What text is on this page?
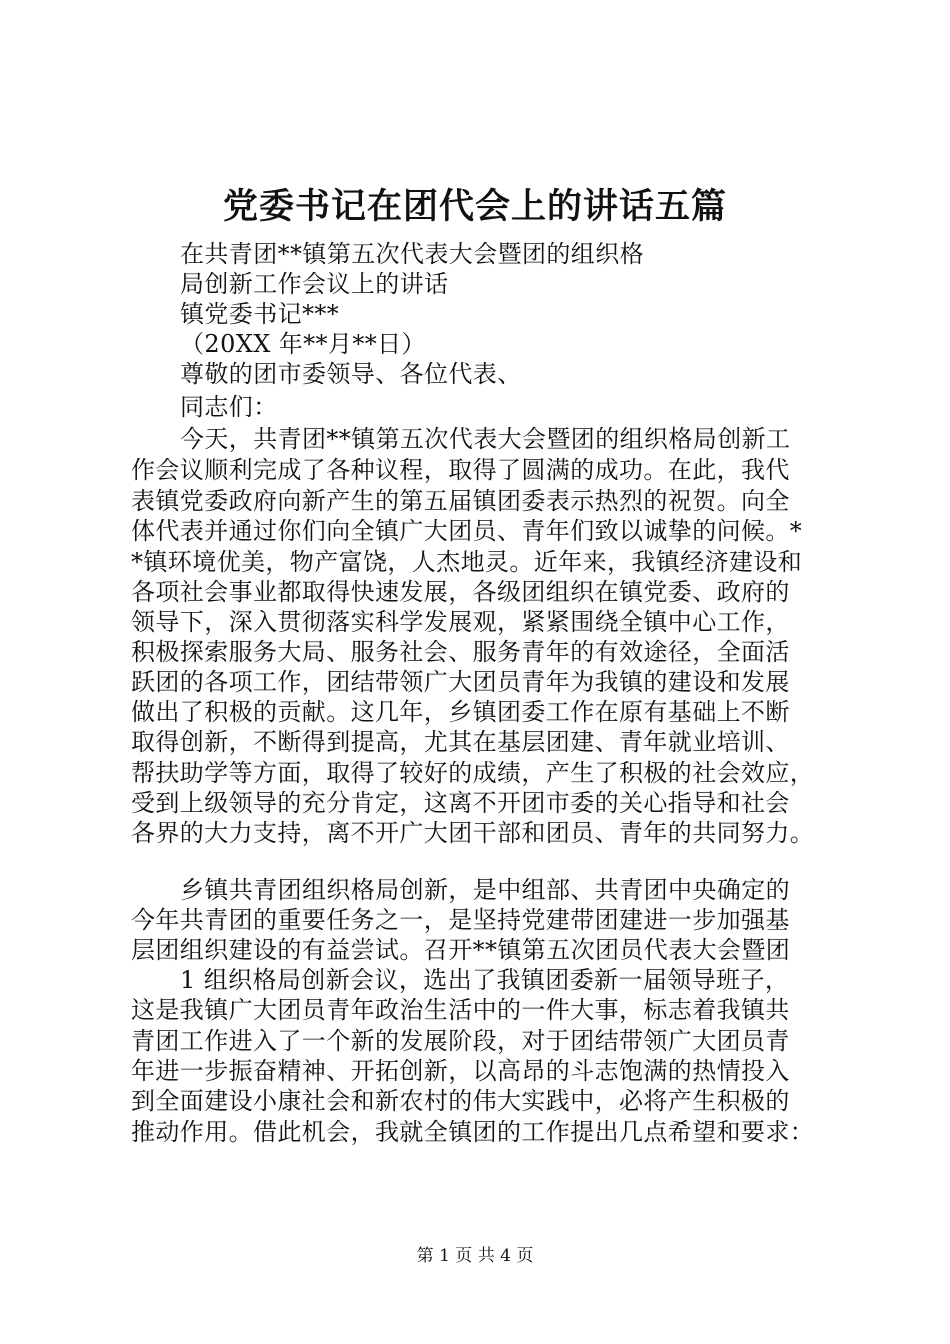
党委书记在团代会上的讲话五篇
在共青团**镇第五次代表大会暨团的组织格
局创新工作会议上的讲话
镇党委书记***
（20XX 年**月**日）
尊敬的团市委领导、各位代表、
同志们：
今天，共青团**镇第五次代表大会暨团的组织格局创新工
作会议顺利完成了各种议程，取得了圆满的成功。在此，我代
表镇党委政府向新产生的第五届镇团委表示热烈的祝贺。向全
体代表并通过你们向全镇广大团员、青年们致以诚挚的问候。*
*镇环境优美，物产富饶，人杰地灵。近年来，我镇经济建设和
各项社会事业都取得快速发展，各级团组织在镇党委、政府的
领导下，深入贯彻落实科学发展观，紧紧围绕全镇中心工作，
积极探索服务大局、服务社会、服务青年的有效途径，全面活
跃团的各项工作，团结带领广大团员青年为我镇的建设和发展
做出了积极的贡献。这几年，乡镇团委工作在原有基础上不断
取得创新，不断得到提高，尤其在基层团建、青年就业培训、
帮扶助学等方面，取得了较好的成绩，产生了积极的社会效应，
受到上级领导的充分肯定，这离不开团市委的关心指导和社会
各界的大力支持，离不开广大团干部和团员、青年的共同努力。
乡镇共青团组织格局创新，是中组部、共青团中央确定的
今年共青团的重要任务之一，是坚持党建带团建进一步加强基
层团组织建设的有益尝试。召开**镇第五次团员代表大会暨团
1 组织格局创新会议，选出了我镇团委新一届领导班子，
这是我镇广大团员青年政治生活中的一件大事，标志着我镇共
青团工作进入了一个新的发展阶段，对于团结带领广大团员青
年进一步振奋精神、开拓创新，以高昂的斗志饱满的热情投入
到全面建设小康社会和新农村的伟大实践中，必将产生积极的
推动作用。借此机会，我就全镇团的工作提出几点希望和要求：
第 1 页 共 4 页
